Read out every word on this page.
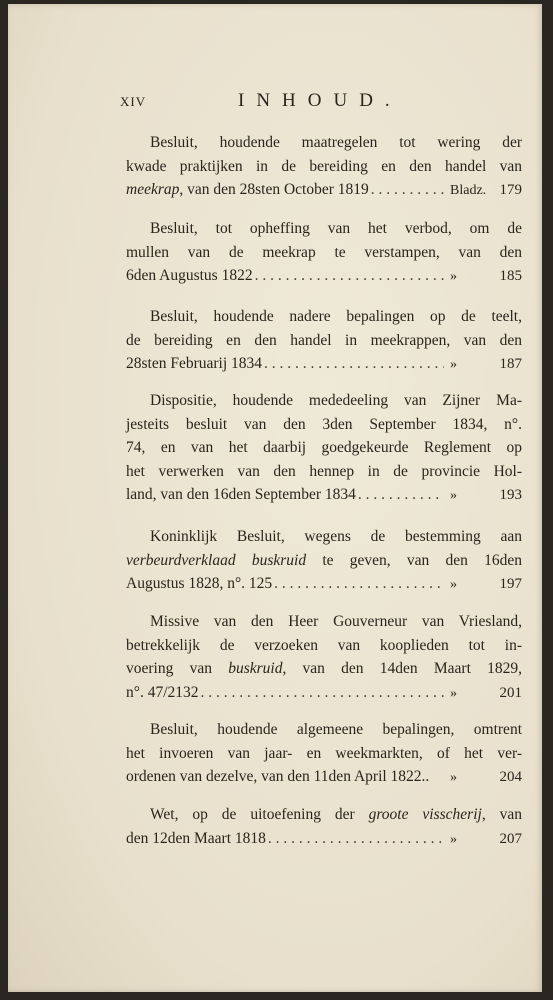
XIV	INHOUD.
Besluit, houdende maatregelen tot wering der
kwade praktijken in de bereiding en den handel van
meekrap, van den 28sten October 1819 . . .	Bladz. 179
Besluit, tot opheffing van het verbod, om de
mullen van de meekrap te verstampen, van den
6den Augustus 1822 . . .	»	185
Besluit, houdende nadere bepalingen op de teelt,
de bereiding en den handel in meekrappen, van den
28sten Februarij 1834 . . .	»	187
Dispositie, houdende mededeeling van Zijner Ma-
jesteits besluit van den 3den September 1834, n°.
74, en van het daarbij goedgekeurde Reglement op
het verwerken van den hennep in de provincie Hol-
land, van den 16den September 1834 . . .	»	193
Koninklijk Besluit, wegens de bestemming aan
verbeurdverklaad buskruid te geven, van den 16den
Augustus 1828, n°. 125 . . .	»	197
Missive van den Heer Gouverneur van Vriesland,
betrekkelijk de verzoeken van kooplieden tot in-
voering van buskruid, van den 14den Maart 1829,
n°. 47/2132 . . .	»	201
Besluit, houdende algemeene bepalingen, omtrent
het invoeren van jaar- en weekmarkten, of het ver-
ordenen van dezelve, van den 11den April 1822.. »	204
Wet, op de uitoefening der groote visscherij, van
den 12den Maart 1818 . . .	»	207
